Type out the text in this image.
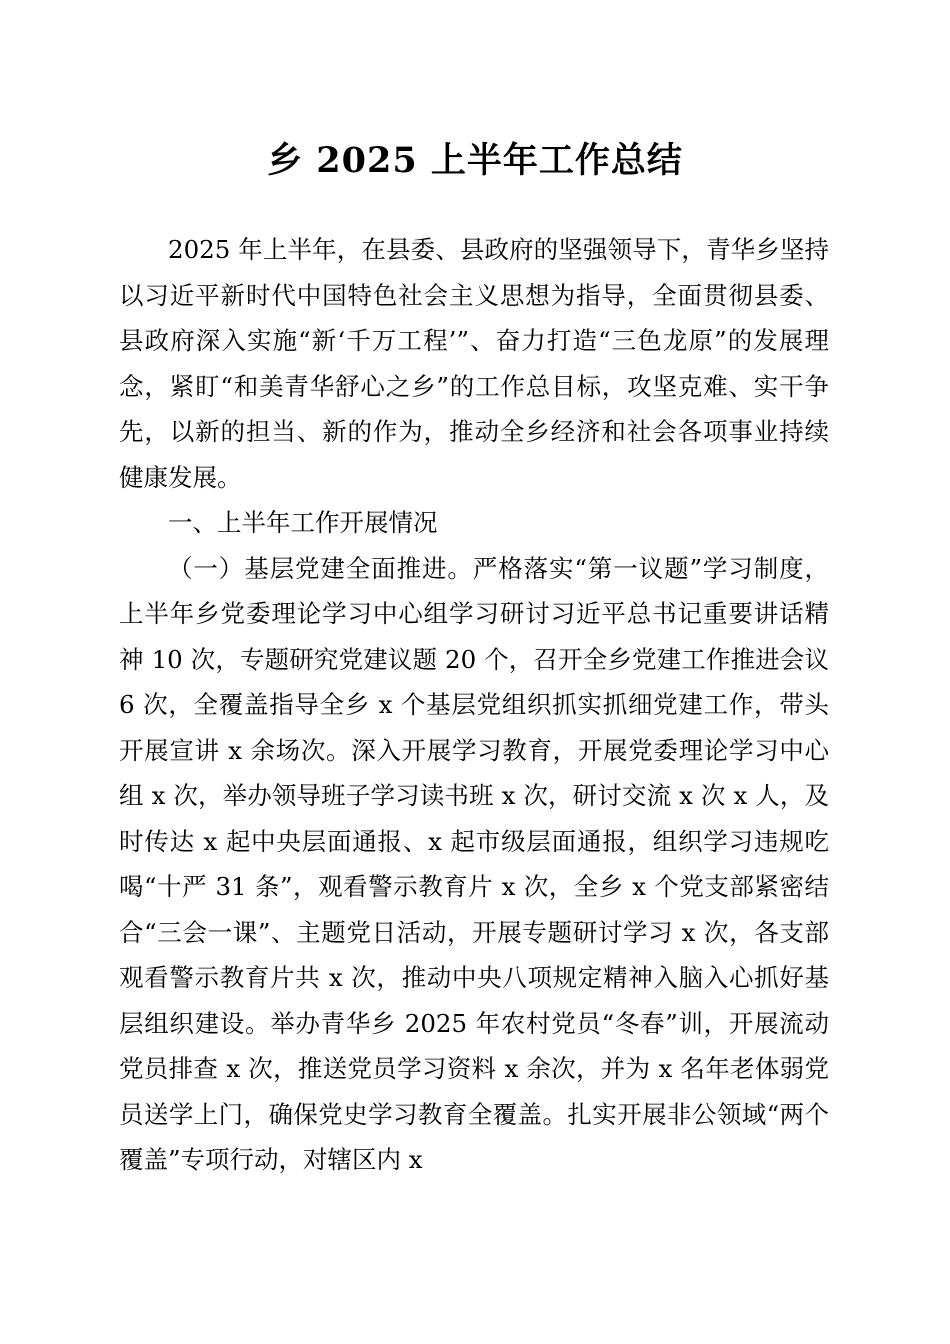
乡 2025 上半年工作总结

2025 年上半年，在县委、县政府的坚强领导下，青华乡坚持以习近平新时代中国特色社会主义思想为指导，全面贯彻县委、县政府深入实施“新‘千万工程’”、奋力打造“三色龙原”的发展理念，紧盯“和美青华舒心之乡”的工作总目标，攻坚克难、实干争先，以新的担当、新的作为，推动全乡经济和社会各项事业持续健康发展。

一、上半年工作开展情况

（一）基层党建全面推进。严格落实“第一议题”学习制度，上半年乡党委理论学习中心组学习研讨习近平总书记重要讲话精神 10 次，专题研究党建议题 20 个，召开全乡党建工作推进会议 6 次，全覆盖指导全乡 x 个基层党组织抓实抓细党建工作，带头开展宣讲 x 余场次。深入开展学习教育，开展党委理论学习中心组 x 次，举办领导班子学习读书班 x 次，研讨交流 x 次 x 人，及时传达 x 起中央层面通报、x 起市级层面通报，组织学习违规吃喝“十严 31 条”，观看警示教育片 x 次，全乡 x 个党支部紧密结合“三会一课”、主题党日活动，开展专题研讨学习 x 次，各支部观看警示教育片共 x 次，推动中央八项规定精神入脑入心抓好基层组织建设。举办青华乡 2025 年农村党员“冬春”训，开展流动党员排查 x 次，推送党员学习资料 x 余次，并为 x 名年老体弱党员送学上门，确保党史学习教育全覆盖。扎实开展非公领域“两个覆盖”专项行动，对辖区内 x
